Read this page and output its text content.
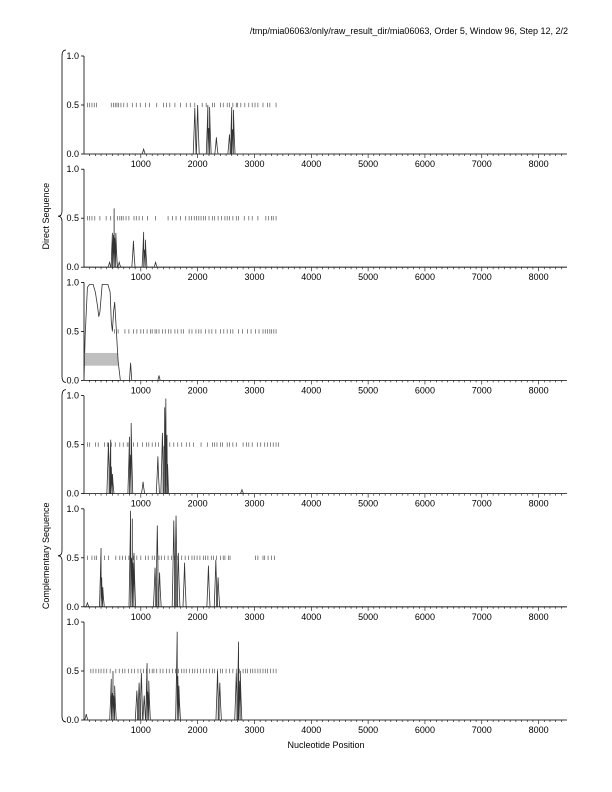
/tmp/mia06063/only/raw_result_dir/mia06063, Order 5, Window 96, Step 12, 2/2
0.0
0.5
1.0
1000	2000	3000	4000	5000	6000	7000	8000
0.0
0.5
1.0
1000	2000	3000	4000	5000	6000	7000	8000
0.0
0.5
1.0
1000	2000	3000	4000	5000	6000	7000	8000
0.0
0.5
1.0
1000	2000	3000	4000	5000	6000	7000	8000
0.0
0.5
1.0
1000	2000	3000	4000	5000	6000	7000	8000
0.0
0.5
1.0
1000	2000	3000	4000	5000	6000	7000	8000
Direct Sequence
Complementary Sequence
Nucleotide Position
